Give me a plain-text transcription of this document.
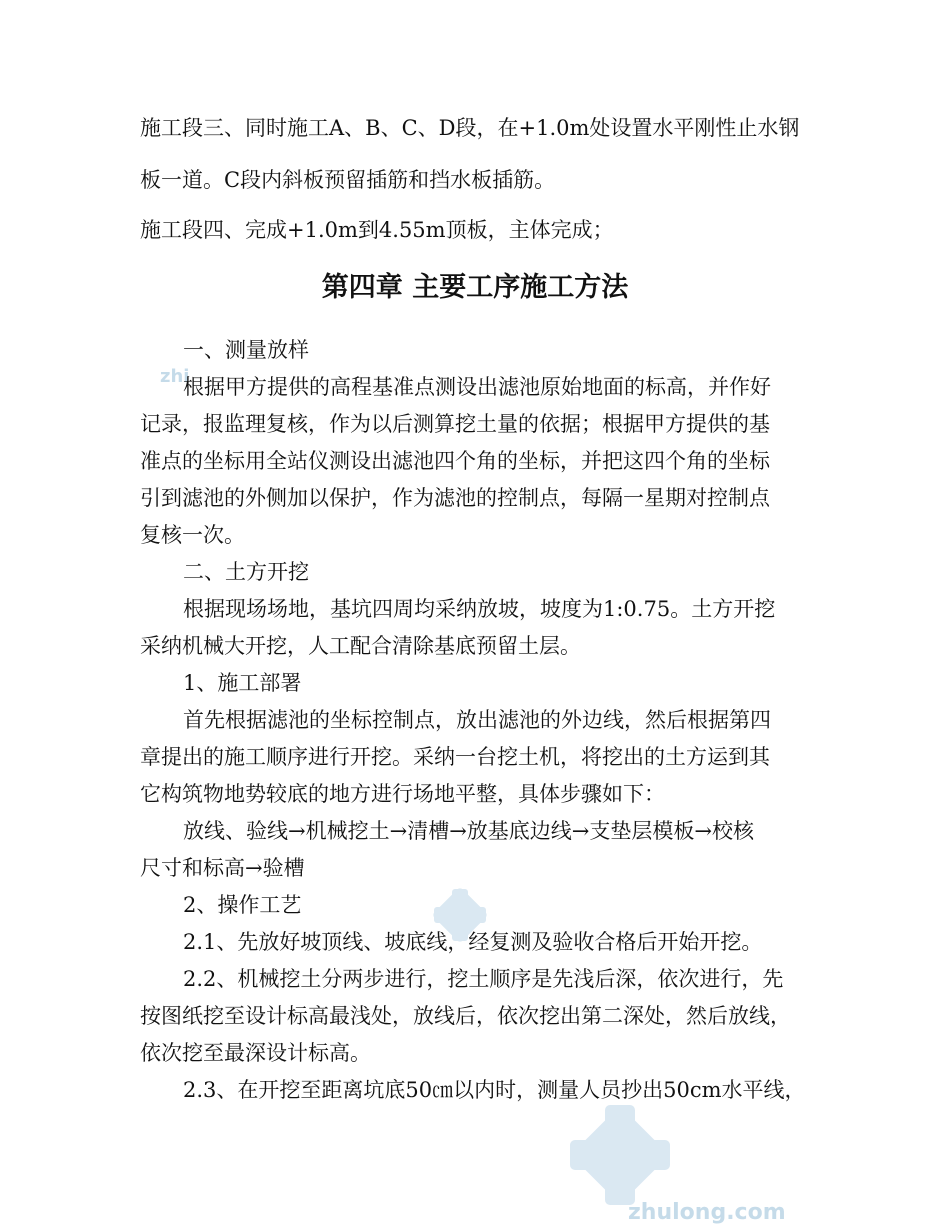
zhi
zhulong.com
施工段三、同时施工A、B、C、D段，在+1.0m处设置水平刚性止水钢
板一道。C段内斜板预留插筋和挡水板插筋。
施工段四、完成+1.0m到4.55m顶板，主体完成；
第四章 主要工序施工方法
一、测量放样
根据甲方提供的高程基准点测设出滤池原始地面的标高，并作好
记录，报监理复核，作为以后测算挖土量的依据；根据甲方提供的基
准点的坐标用全站仪测设出滤池四个角的坐标，并把这四个角的坐标
引到滤池的外侧加以保护，作为滤池的控制点，每隔一星期对控制点
复核一次。
二、土方开挖
根据现场场地，基坑四周均采纳放坡，坡度为1:0.75。土方开挖
采纳机械大开挖，人工配合清除基底预留土层。
1、施工部署
首先根据滤池的坐标控制点，放出滤池的外边线，然后根据第四
章提出的施工顺序进行开挖。采纳一台挖土机，将挖出的土方运到其
它构筑物地势较底的地方进行场地平整，具体步骤如下：
放线、验线→机械挖土→清槽→放基底边线→支垫层模板→校核
尺寸和标高→验槽
2、操作工艺
2.1、先放好坡顶线、坡底线，经复测及验收合格后开始开挖。
2.2、机械挖土分两步进行，挖土顺序是先浅后深，依次进行，先
按图纸挖至设计标高最浅处，放线后，依次挖出第二深处，然后放线，
依次挖至最深设计标高。
2.3、在开挖至距离坑底50㎝以内时，测量人员抄出50cm水平线，
